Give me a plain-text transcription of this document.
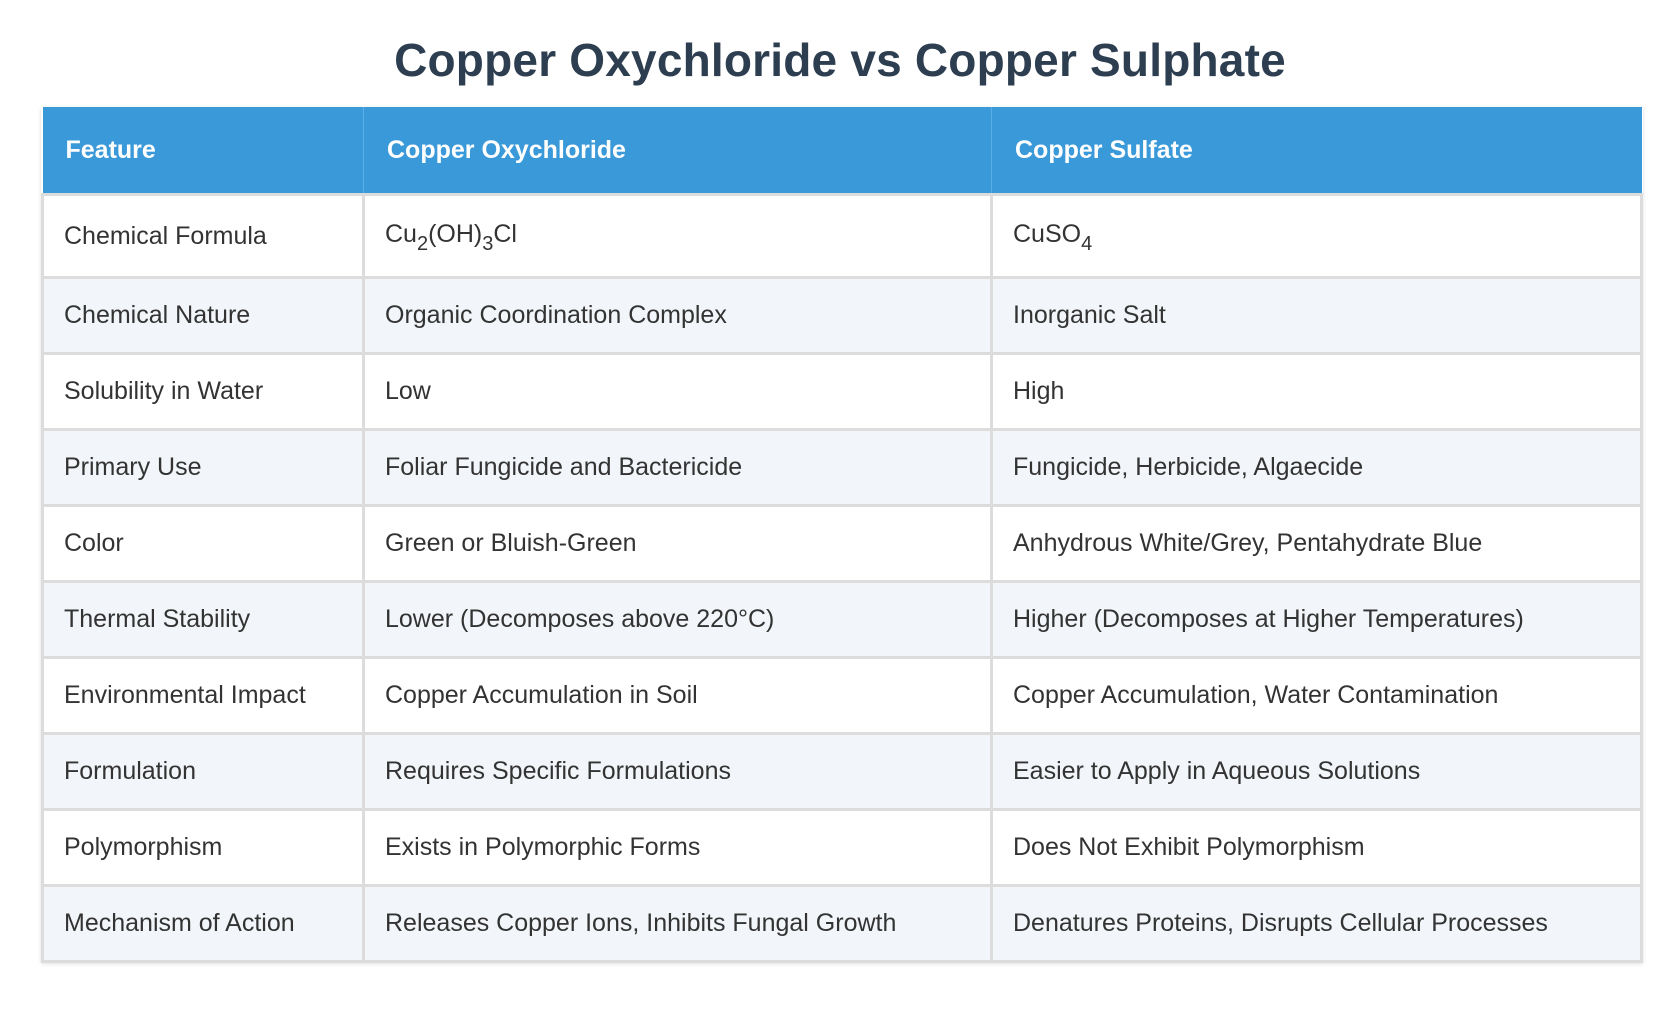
Copper Oxychloride vs Copper Sulphate
Feature	Copper Oxychloride	Copper Sulfate
Chemical Formula	$Cu_2(OH)_3Cl$	CuSO$_4$
Chemical Nature	Organic Coordination Complex	Inorganic Salt
Solubility in Water	Low	High
Primary Use	Foliar Fungicide and Bactericide	Fungicide, Herbicide, Algaecide
Color	Green or Bluish-Green	Anhydrous White/Grey, Pentahydrate Blue
Thermal Stability	Lower (Decomposes above 220°C)	Higher (Decomposes at Higher Temperatures)
Environmental Impact	Copper Accumulation in Soil	Copper Accumulation, Water Contamination
Formulation	Requires Specific Formulations	Easier to Apply in Aqueous Solutions
Polymorphism	Exists in Polymorphic Forms	Does Not Exhibit Polymorphism
Mechanism of Action	Releases Copper Ions, Inhibits Fungal Growth	Denatures Proteins, Disrupts Cellular Processes
